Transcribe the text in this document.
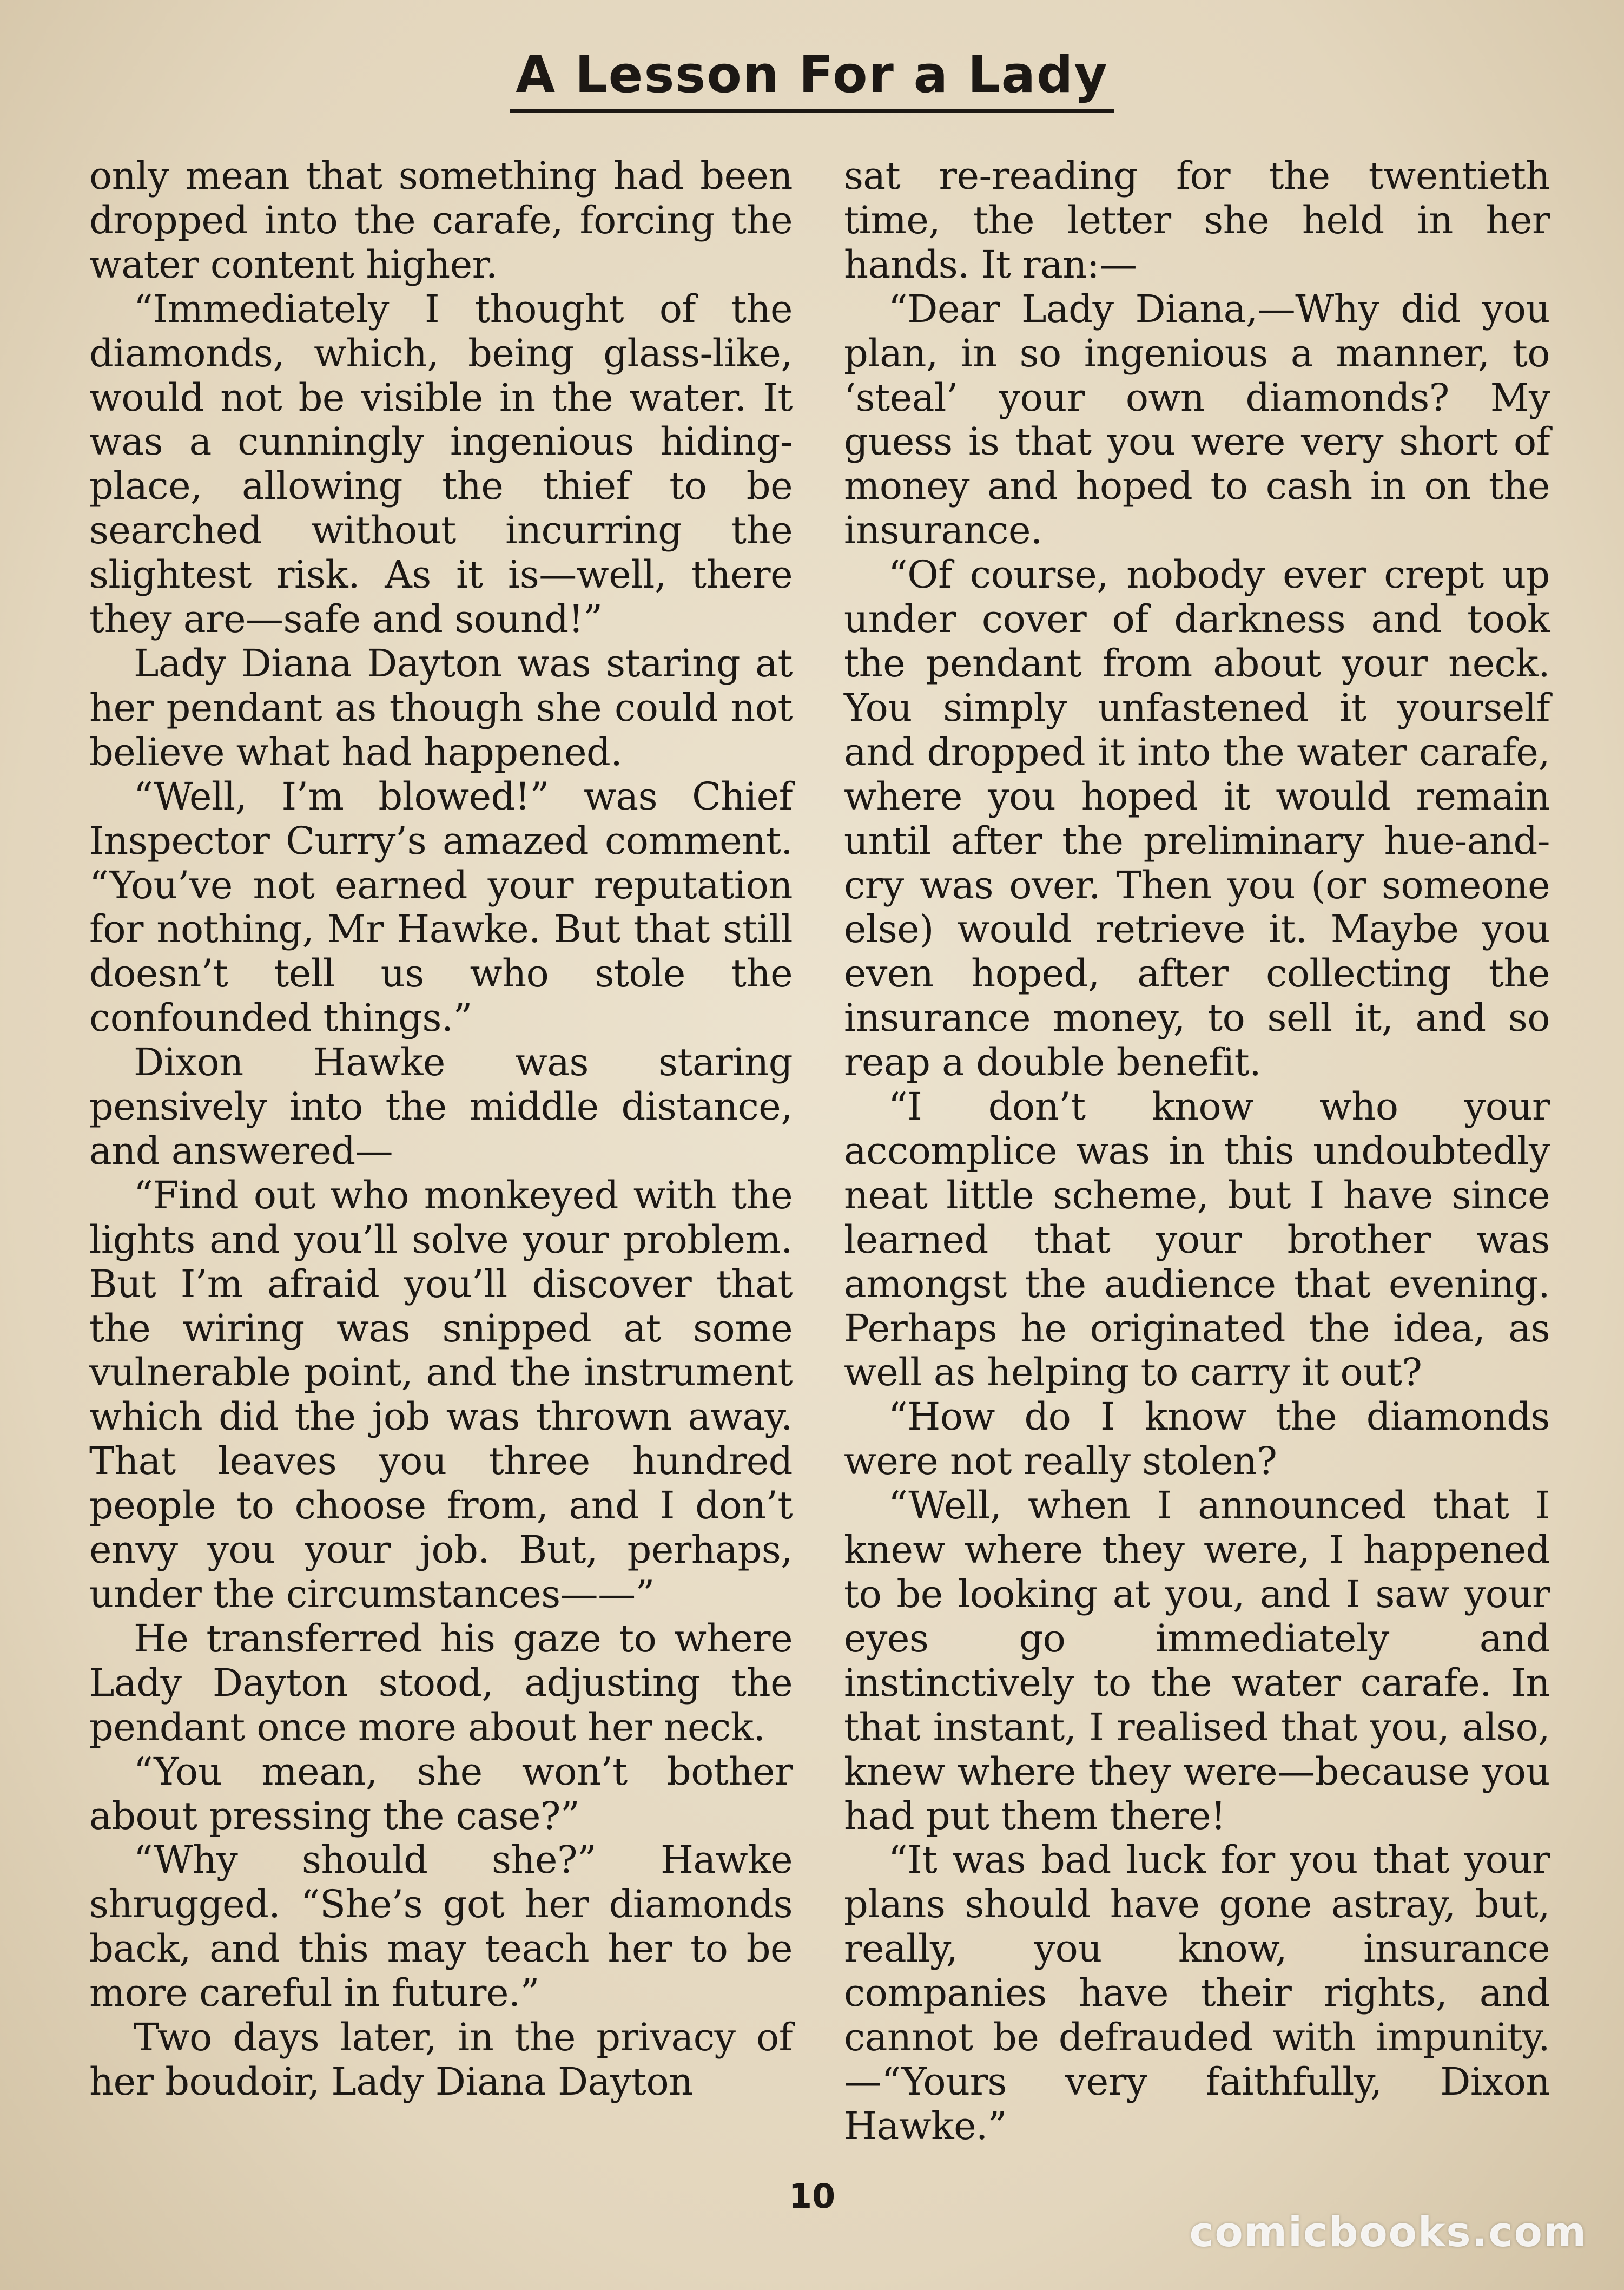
A Lesson For a Lady

only mean that something had been dropped into the carafe, forcing the water content higher.

“Immediately I thought of the diamonds, which, being glass-like, would not be visible in the water. It was a cunningly ingenious hiding-place, allowing the thief to be searched without incurring the slightest risk. As it is—well, there they are—safe and sound!”

Lady Diana Dayton was staring at her pendant as though she could not believe what had happened.

“Well, I’m blowed!” was Chief Inspector Curry’s amazed comment. “You’ve not earned your reputation for nothing, Mr Hawke. But that still doesn’t tell us who stole the confounded things.”

Dixon Hawke was staring pensively into the middle distance, and answered—

“Find out who monkeyed with the lights and you’ll solve your problem. But I’m afraid you’ll discover that the wiring was snipped at some vulnerable point, and the instrument which did the job was thrown away. That leaves you three hundred people to choose from, and I don’t envy you your job. But, perhaps, under the circumstances——”

He transferred his gaze to where Lady Dayton stood, adjusting the pendant once more about her neck.

“You mean, she won’t bother about pressing the case?”

“Why should she?” Hawke shrugged. “She’s got her diamonds back, and this may teach her to be more careful in future.”

Two days later, in the privacy of her boudoir, Lady Diana Dayton

sat re-reading for the twentieth time, the letter she held in her hands. It ran:—

“Dear Lady Diana,—Why did you plan, in so ingenious a manner, to ‘steal’ your own diamonds? My guess is that you were very short of money and hoped to cash in on the insurance.

“Of course, nobody ever crept up under cover of darkness and took the pendant from about your neck. You simply unfastened it yourself and dropped it into the water carafe, where you hoped it would remain until after the preliminary hue-and-cry was over. Then you (or someone else) would retrieve it. Maybe you even hoped, after collecting the insurance money, to sell it, and so reap a double benefit.

“I don’t know who your accomplice was in this undoubtedly neat little scheme, but I have since learned that your brother was amongst the audience that evening. Perhaps he originated the idea, as well as helping to carry it out?

“How do I know the diamonds were not really stolen?

“Well, when I announced that I knew where they were, I happened to be looking at you, and I saw your eyes go immediately and instinctively to the water carafe. In that instant, I realised that you, also, knew where they were—because you had put them there!

“It was bad luck for you that your plans should have gone astray, but, really, you know, insurance companies have their rights, and cannot be defrauded with impunity.—“Yours very faithfully, Dixon Hawke.”

10
comicbooks.com
